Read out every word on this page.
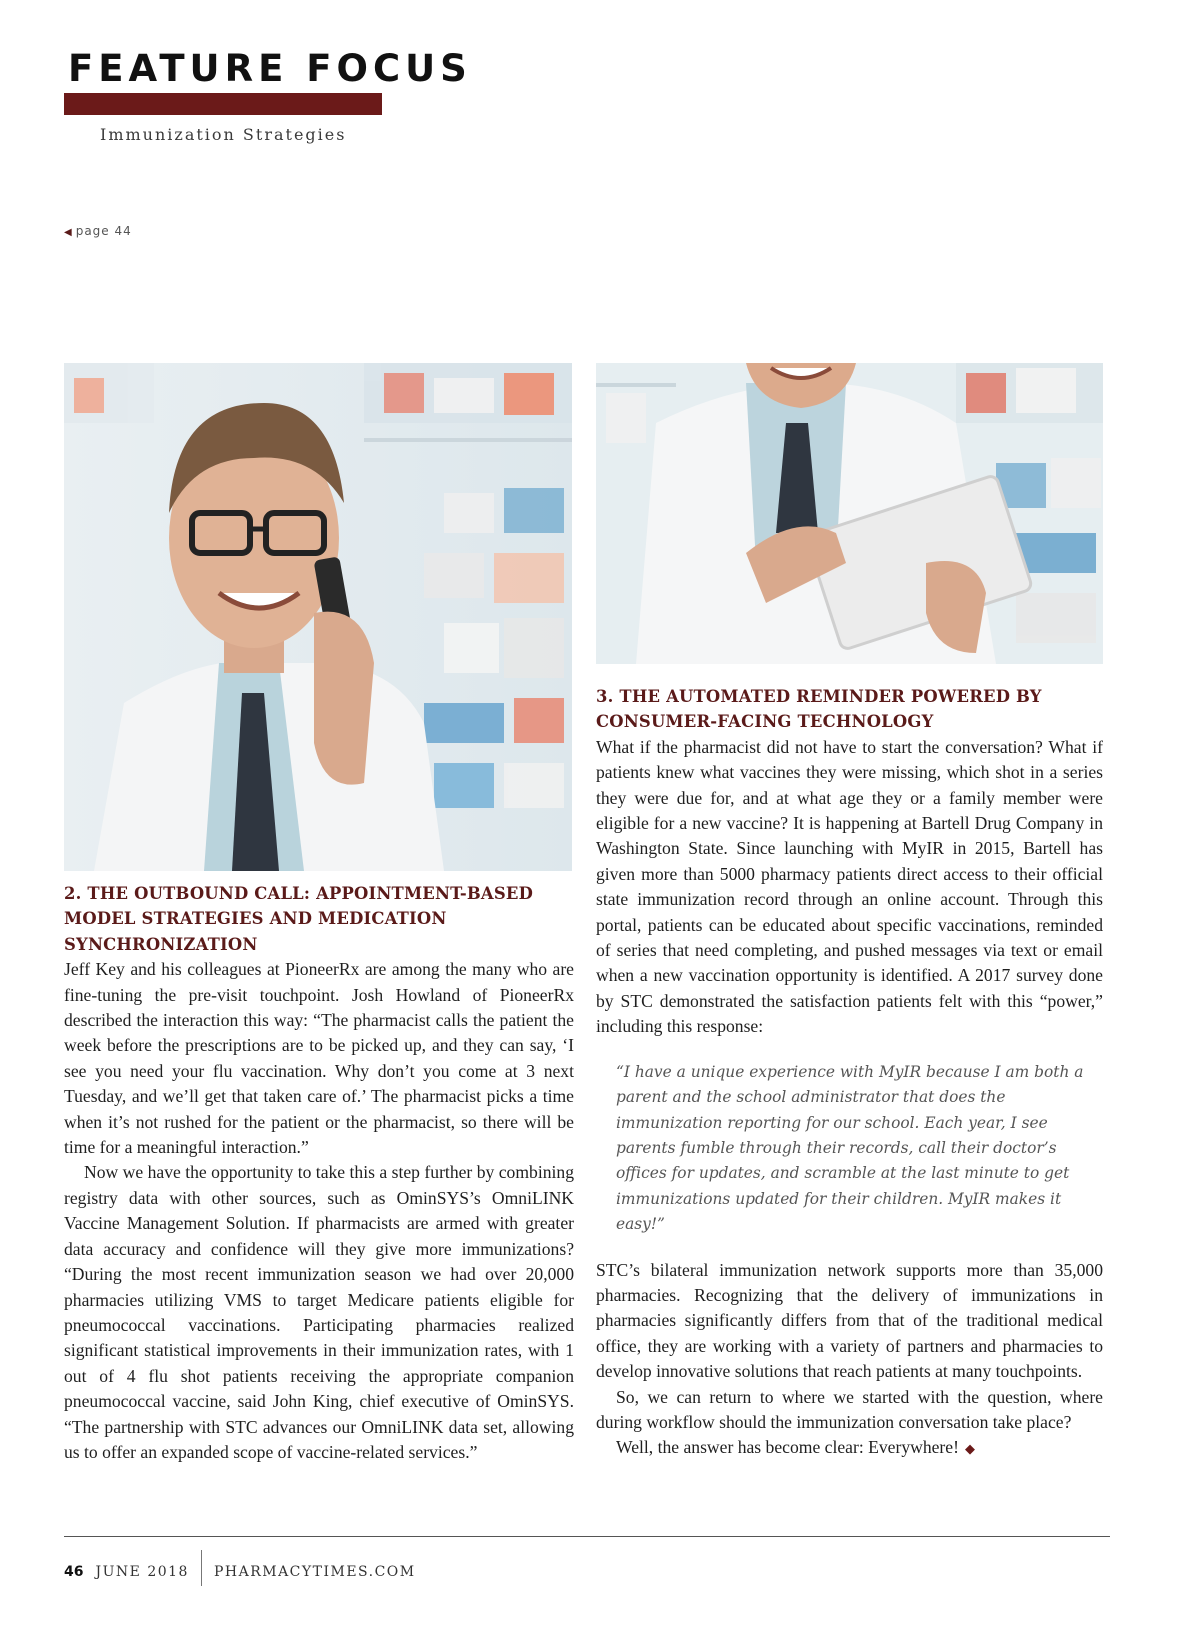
FEATURE FOCUS
Immunization Strategies
◀ page 44
2. THE OUTBOUND CALL: APPOINTMENT-BASED MODEL STRATEGIES AND MEDICATION SYNCHRONIZATION

Jeff Key and his colleagues at PioneerRx are among the many who are fine-tuning the pre-visit touchpoint. Josh Howland of PioneerRx described the interaction this way: “The pharmacist calls the patient the week before the prescriptions are to be picked up, and they can say, ‘I see you need your flu vaccination. Why don’t you come at 3 next Tuesday, and we’ll get that taken care of.’ The pharmacist picks a time when it’s not rushed for the patient or the pharmacist, so there will be time for a meaningful interaction.”

Now we have the opportunity to take this a step further by combining registry data with other sources, such as OminSYS’s OmniLINK Vaccine Management Solution. If pharmacists are armed with greater data accuracy and confidence will they give more immunizations? “During the most recent immunization season we had over 20,000 pharmacies utilizing VMS to target Medicare patients eligible for pneumococcal vaccinations. Participating pharmacies realized significant statistical improvements in their immunization rates, with 1 out of 4 flu shot patients receiving the appropriate companion pneumococcal vaccine, said John King, chief executive of OminSYS. “The partnership with STC advances our OmniLINK data set, allowing us to offer an expanded scope of vaccine-related services.”

3. THE AUTOMATED REMINDER POWERED BY CONSUMER-FACING TECHNOLOGY

What if the pharmacist did not have to start the conversation? What if patients knew what vaccines they were missing, which shot in a series they were due for, and at what age they or a family member were eligible for a new vaccine? It is happening at Bartell Drug Company in Washington State. Since launching with MyIR in 2015, Bartell has given more than 5000 pharmacy patients direct access to their official state immunization record through an online account. Through this portal, patients can be educated about specific vaccinations, reminded of series that need completing, and pushed messages via text or email when a new vaccination opportunity is identified. A 2017 survey done by STC demonstrated the satisfaction patients felt with this “power,” including this response:

“I have a unique experience with MyIR because I am both a parent and the school administrator that does the immunization reporting for our school. Each year, I see parents fumble through their records, call their doctor’s offices for updates, and scramble at the last minute to get immunizations updated for their children. MyIR makes it easy!”

STC’s bilateral immunization network supports more than 35,000 pharmacies. Recognizing that the delivery of immunizations in pharmacies significantly differs from that of the traditional medical office, they are working with a variety of partners and pharmacies to develop innovative solutions that reach patients at many touchpoints.

So, we can return to where we started with the question, where during workflow should the immunization conversation take place?

Well, the answer has become clear: Everywhere! ◆

46 JUNE 2018 PHARMACYTIMES.COM
